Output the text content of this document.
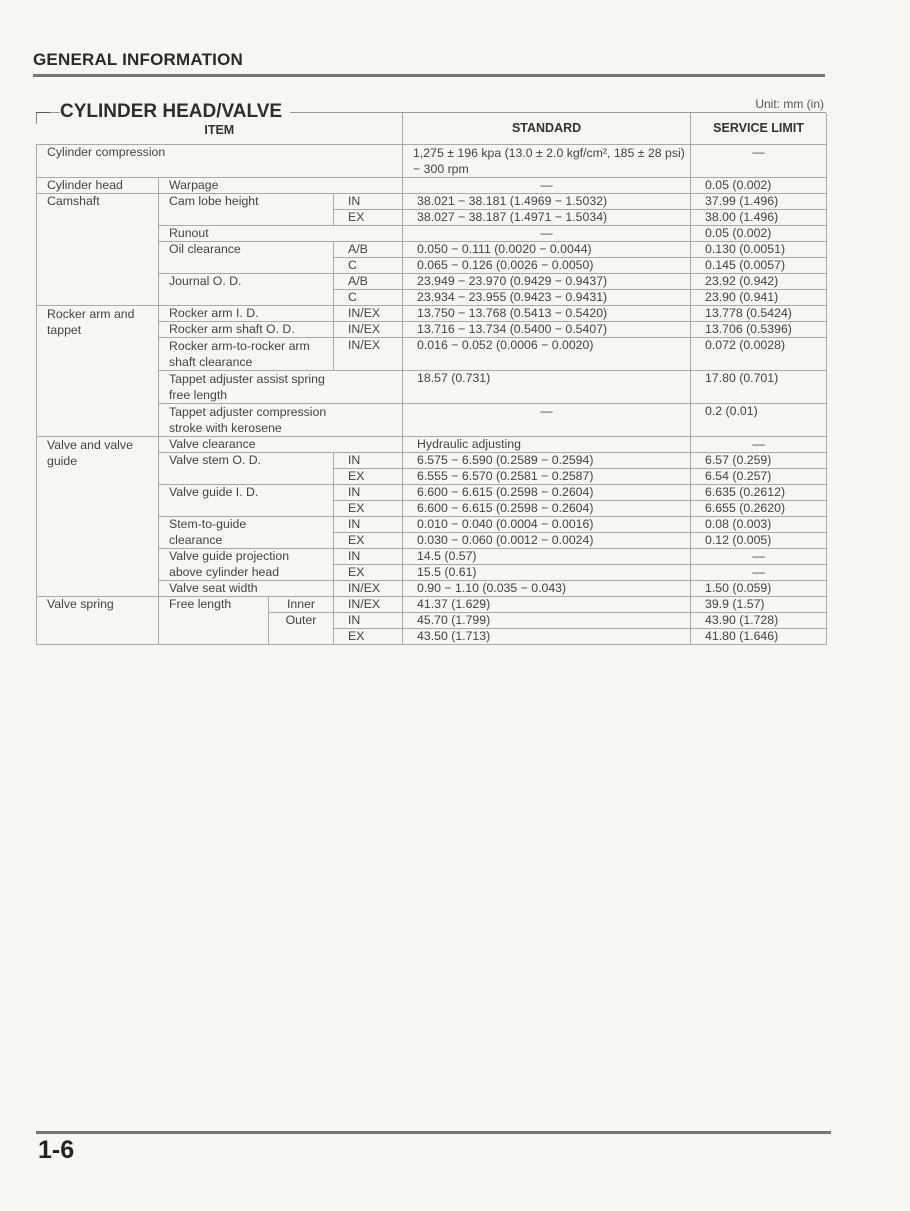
GENERAL INFORMATION
CYLINDER HEAD/VALVE	Unit: mm (in)
ITEM				STANDARD	SERVICE LIMIT
Cylinder compression				1,275 ± 196 kpa (13.0 ± 2.0 kgf/cm², 185 ± 28 psi) − 300 rpm	—
Cylinder head	Warpage			—	0.05 (0.002)
Camshaft	Cam lobe height		IN	38.021 − 38.181 (1.4969 − 1.5032)	37.99 (1.496)
			EX	38.027 − 38.187 (1.4971 − 1.5034)	38.00 (1.496)
	Runout			—	0.05 (0.002)
	Oil clearance		A/B	0.050 − 0.111 (0.0020 − 0.0044)	0.130 (0.0051)
			C	0.065 − 0.126 (0.0026 − 0.0050)	0.145 (0.0057)
	Journal O. D.		A/B	23.949 − 23.970 (0.9429 − 0.9437)	23.92 (0.942)
			C	23.934 − 23.955 (0.9423 − 0.9431)	23.90 (0.941)
Rocker arm and tappet	Rocker arm I. D.		IN/EX	13.750 − 13.768 (0.5413 − 0.5420)	13.778 (0.5424)
	Rocker arm shaft O. D.		IN/EX	13.716 − 13.734 (0.5400 − 0.5407)	13.706 (0.5396)
	Rocker arm-to-rocker arm shaft clearance		IN/EX	0.016 − 0.052 (0.0006 − 0.0020)	0.072 (0.0028)
	Tappet adjuster assist spring free length			18.57 (0.731)	17.80 (0.701)
	Tappet adjuster compression stroke with kerosene			—	0.2 (0.01)
Valve and valve guide	Valve clearance			Hydraulic adjusting	—
	Valve stem O. D.		IN	6.575 − 6.590 (0.2589 − 0.2594)	6.57 (0.259)
			EX	6.555 − 6.570 (0.2581 − 0.2587)	6.54 (0.257)
	Valve guide I. D.		IN	6.600 − 6.615 (0.2598 − 0.2604)	6.635 (0.2612)
			EX	6.600 − 6.615 (0.2598 − 0.2604)	6.655 (0.2620)
	Stem-to-guide		IN	0.010 − 0.040 (0.0004 − 0.0016)	0.08 (0.003)
	clearance		EX	0.030 − 0.060 (0.0012 − 0.0024)	0.12 (0.005)
	Valve guide projection		IN	14.5 (0.57)	—
	above cylinder head		EX	15.5 (0.61)	—
	Valve seat width		IN/EX	0.90 − 1.10 (0.035 − 0.043)	1.50 (0.059)
Valve spring	Free length	Inner	IN/EX	41.37 (1.629)	39.9 (1.57)
		Outer	IN	45.70 (1.799)	43.90 (1.728)
			EX	43.50 (1.713)	41.80 (1.646)
1-6
